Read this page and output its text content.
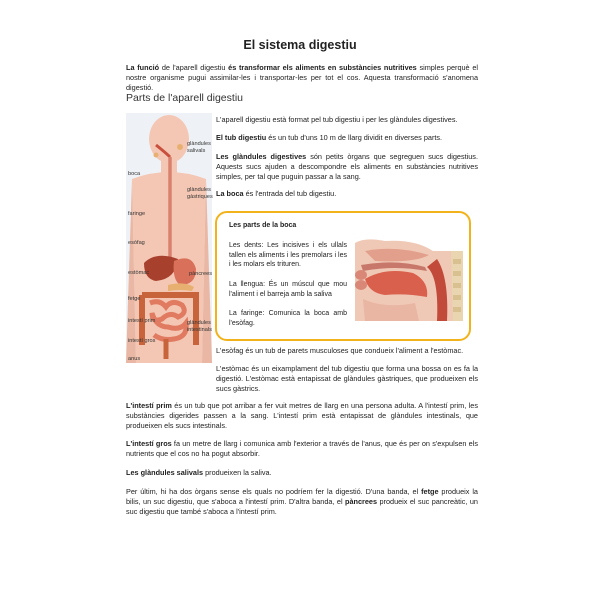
El sistema digestiu
La funció de l'aparell digestiu és transformar els aliments en substàncies nutritives simples perquè el nostre organisme pugui assimilar-les i transportar-les per tot el cos. Aquesta transformació s'anomena digestió.
Parts de l'aparell digestiu
glàndules salivals
boca
glàndules gàstriques
faringe
esòfag
estòmac	pàncrees
fetge
intestí prim	glàndules intestinals
intestí gros
anus
L'aparell digestiu està format pel tub digestiu i per les glàndules digestives.
El tub digestiu és un tub d'uns 10 m de llarg dividit en diverses parts.
Les glàndules digestives són petits òrgans que segreguen sucs digestius. Aquests sucs ajuden a descompondre els aliments en substàncies nutritives simples, per tal que puguin passar a la sang.
La boca és l'entrada del tub digestiu.
Les parts de la boca
Les dents: Les incisives i els ullals tallen els aliments i les premolars i les i les molars els trituren.
La llengua: És un múscul que mou l'aliment i el barreja amb la saliva
La faringe: Comunica la boca amb l'esòfag.
L'esòfag és un tub de parets musculoses que condueix l'aliment a l'estòmac.
L'estòmac és un eixamplament del tub digestiu que forma una bossa on es fa la digestió. L'estòmac està entapissat de glàndules gàstriques, que produeixen els sucs gàstrics.
L'intestí prim és un tub que pot arribar a fer vuit metres de llarg en una persona adulta. A l'intestí prim, les substàncies digerides passen a la sang. L'intestí prim està entapissat de glàndules intestinals, que produeixen els sucs intestinals.
L'intestí gros fa un metre de llarg i comunica amb l'exterior a través de l'anus, que és per on s'expulsen els nutrients que el cos no ha pogut absorbir.
Les glàndules salivals produeixen la saliva.
Per últim, hi ha dos òrgans sense els quals no podríem fer la digestió. D'una banda, el fetge produeix la bilis, un suc digestiu, que s'aboca a l'intestí prim. D'altra banda, el pàncrees produeix el suc pancreàtic, un suc digestiu que també s'aboca a l'intestí prim.
